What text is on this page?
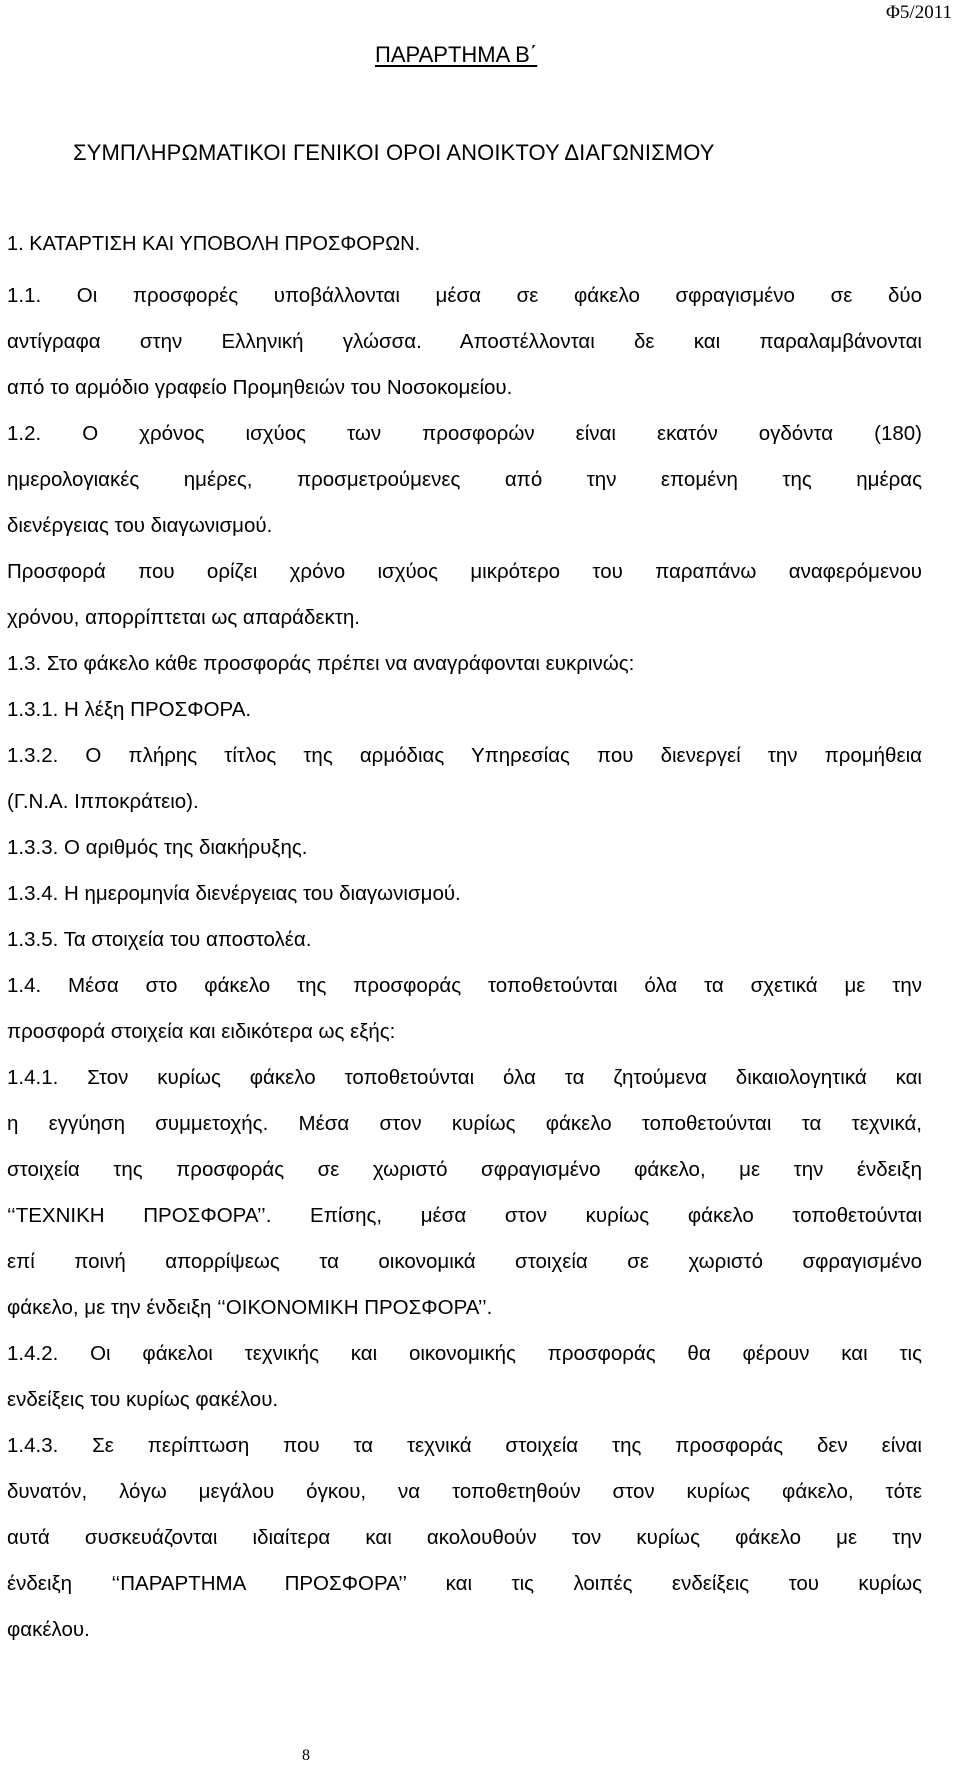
Φ5/2011
ΠΑΡΑΡΤΗΜΑ Β΄
ΣΥΜΠΛΗΡΩΜΑΤΙΚΟΙ ΓΕΝΙΚΟΙ ΟΡΟΙ ΑΝΟΙΚΤΟΥ ΔΙΑΓΩΝΙΣΜΟΥ
1. ΚΑΤΑΡΤΙΣΗ ΚΑΙ ΥΠΟΒΟΛΗ ΠΡΟΣΦΟΡΩΝ.
1.1. Οι προσφορές υποβάλλονται μέσα σε φάκελο σφραγισμένο σε δύο
αντίγραφα στην Ελληνική γλώσσα. Αποστέλλονται δε και παραλαμβάνονται
από το αρμόδιο γραφείο Προμηθειών του Νοσοκομείου.
1.2. Ο χρόνος ισχύος των προσφορών είναι εκατόν ογδόντα (180)
ημερολογιακές ημέρες, προσμετρούμενες από την επομένη της ημέρας
διενέργειας του διαγωνισμού.
Προσφορά που ορίζει χρόνο ισχύος μικρότερο του παραπάνω αναφερόμενου
χρόνου, απορρίπτεται ως απαράδεκτη.
1.3. Στο φάκελο κάθε προσφοράς πρέπει να αναγράφονται ευκρινώς:
1.3.1. Η λέξη ΠΡΟΣΦΟΡΑ.
1.3.2. Ο πλήρης τίτλος της αρμόδιας Υπηρεσίας που διενεργεί την προμήθεια
(Γ.Ν.Α. Ιπποκράτειο).
1.3.3. Ο αριθμός της διακήρυξης.
1.3.4. Η ημερομηνία διενέργειας του διαγωνισμού.
1.3.5. Τα στοιχεία του αποστολέα.
1.4. Μέσα στο φάκελο της προσφοράς τοποθετούνται όλα τα σχετικά με την
προσφορά στοιχεία και ειδικότερα ως εξής:
1.4.1. Στον κυρίως φάκελο τοποθετούνται όλα τα ζητούμενα δικαιολογητικά και
η εγγύηση συμμετοχής. Μέσα στον κυρίως φάκελο τοποθετούνται τα τεχνικά,
στοιχεία της προσφοράς σε χωριστό σφραγισμένο φάκελο, με την ένδειξη
‘‘ΤΕΧΝΙΚΗ ΠΡΟΣΦΟΡΑ’’. Επίσης, μέσα στον κυρίως φάκελο τοποθετούνται
επί ποινή απορρίψεως τα οικονομικά στοιχεία σε χωριστό σφραγισμένο
φάκελο, με την ένδειξη ‘‘ΟΙΚΟΝΟΜΙΚΗ ΠΡΟΣΦΟΡΑ’’.
1.4.2. Οι φάκελοι τεχνικής και οικονομικής προσφοράς θα φέρουν και τις
ενδείξεις του κυρίως φακέλου.
1.4.3. Σε περίπτωση που τα τεχνικά στοιχεία της προσφοράς δεν είναι
δυνατόν, λόγω μεγάλου όγκου, να τοποθετηθούν στον κυρίως φάκελο, τότε
αυτά συσκευάζονται ιδιαίτερα και ακολουθούν τον κυρίως φάκελο με την
ένδειξη ‘‘ΠΑΡΑΡΤΗΜΑ ΠΡΟΣΦΟΡΑ’’ και τις λοιπές ενδείξεις του κυρίως
φακέλου.
8
